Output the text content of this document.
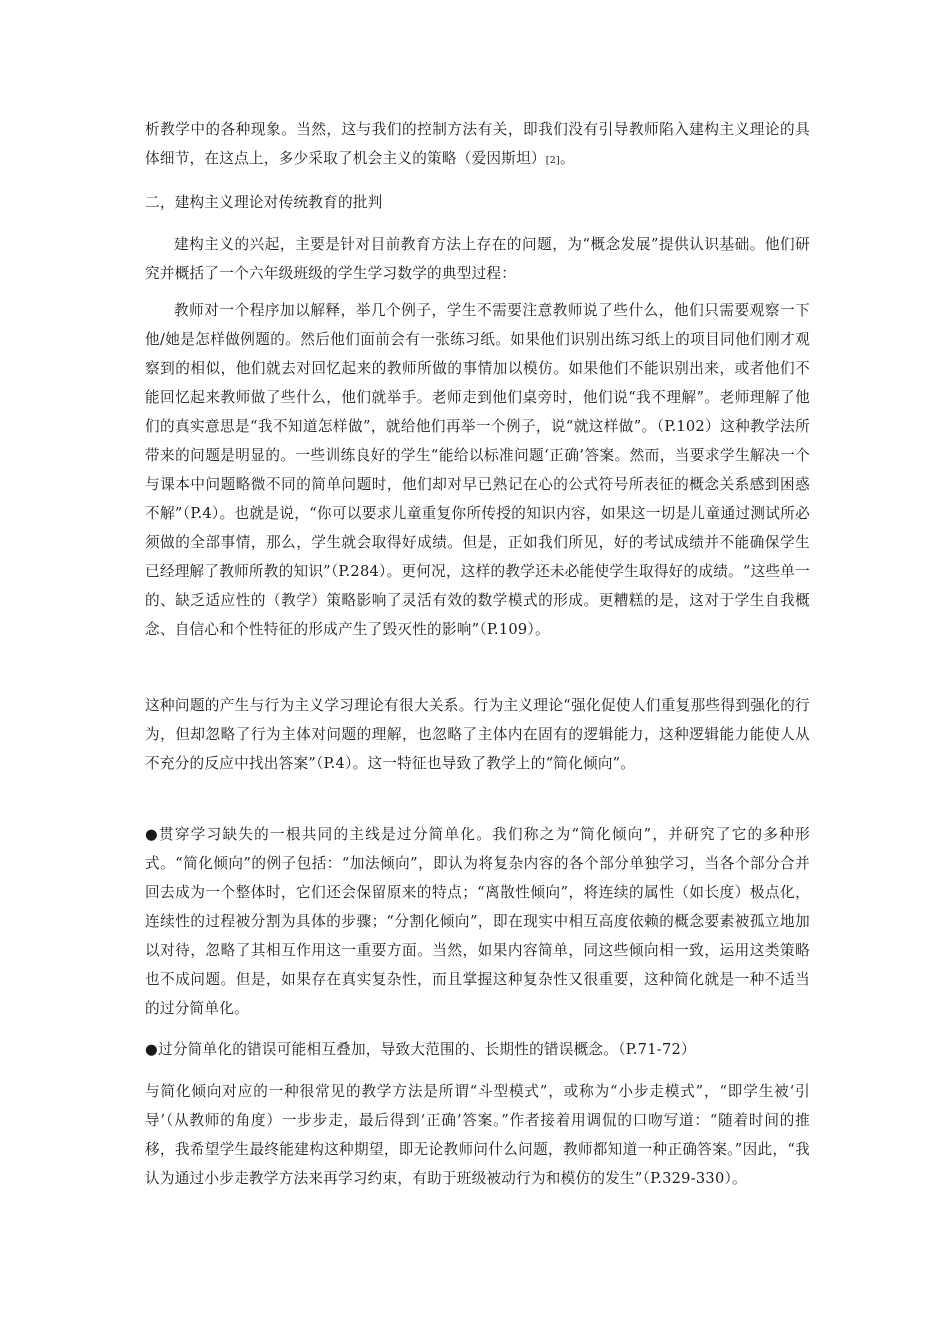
析教学中的各种现象。当然，这与我们的控制方法有关，即我们没有引导教师陷入建构主义理论的具体细节，在这点上，多少采取了机会主义的策略（爱因斯坦）[2]。

二，建构主义理论对传统教育的批判

建构主义的兴起，主要是针对目前教育方法上存在的问题，为“概念发展”提供认识基础。他们研究并概括了一个六年级班级的学生学习数学的典型过程：

教师对一个程序加以解释，举几个例子，学生不需要注意教师说了些什么，他们只需要观察一下他/她是怎样做例题的。然后他们面前会有一张练习纸。如果他们识别出练习纸上的项目同他们刚才观察到的相似，他们就去对回忆起来的教师所做的事情加以模仿。如果他们不能识别出来，或者他们不能回忆起来教师做了些什么，他们就举手。老师走到他们桌旁时，他们说“我不理解”。老师理解了他们的真实意思是“我不知道怎样做”，就给他们再举一个例子，说“就这样做”。（P.102）这种教学法所带来的问题是明显的。一些训练良好的学生“能给以标准问题‘正确’答案。然而，当要求学生解决一个与课本中问题略微不同的简单问题时，他们却对早已熟记在心的公式符号所表征的概念关系感到困惑不解”（P.4）。也就是说，“你可以要求儿童重复你所传授的知识内容，如果这一切是儿童通过测试所必须做的全部事情，那么，学生就会取得好成绩。但是，正如我们所见，好的考试成绩并不能确保学生已经理解了教师所教的知识”（P.284）。更何况，这样的教学还未必能使学生取得好的成绩。“这些单一的、缺乏适应性的（教学）策略影响了灵活有效的数学模式的形成。更糟糕的是，这对于学生自我概念、自信心和个性特征的形成产生了毁灭性的影响”（P.109）。

这种问题的产生与行为主义学习理论有很大关系。行为主义理论“强化促使人们重复那些得到强化的行为，但却忽略了行为主体对问题的理解，也忽略了主体内在固有的逻辑能力，这种逻辑能力能使人从不充分的反应中找出答案”（P.4）。这一特征也导致了教学上的“简化倾向”。

●贯穿学习缺失的一根共同的主线是过分简单化。我们称之为“简化倾向”，并研究了它的多种形式。“简化倾向”的例子包括：“加法倾向”，即认为将复杂内容的各个部分单独学习，当各个部分合并回去成为一个整体时，它们还会保留原来的特点；“离散性倾向”，将连续的属性（如长度）极点化，连续性的过程被分割为具体的步骤；“分割化倾向”，即在现实中相互高度依赖的概念要素被孤立地加以对待，忽略了其相互作用这一重要方面。当然，如果内容简单，同这些倾向相一致，运用这类策略也不成问题。但是，如果存在真实复杂性，而且掌握这种复杂性又很重要，这种简化就是一种不适当的过分简单化。

●过分简单化的错误可能相互叠加，导致大范围的、长期性的错误概念。（P.71-72）

与简化倾向对应的一种很常见的教学方法是所谓“斗型模式”，或称为“小步走模式”，“即学生被‘引导’（从教师的角度）一步步走，最后得到‘正确’答案。”作者接着用调侃的口吻写道：“随着时间的推移，我希望学生最终能建构这种期望，即无论教师问什么问题，教师都知道一种正确答案。”因此，“我认为通过小步走教学方法来再学习约束，有助于班级被动行为和模仿的发生”（P.329-330）。
